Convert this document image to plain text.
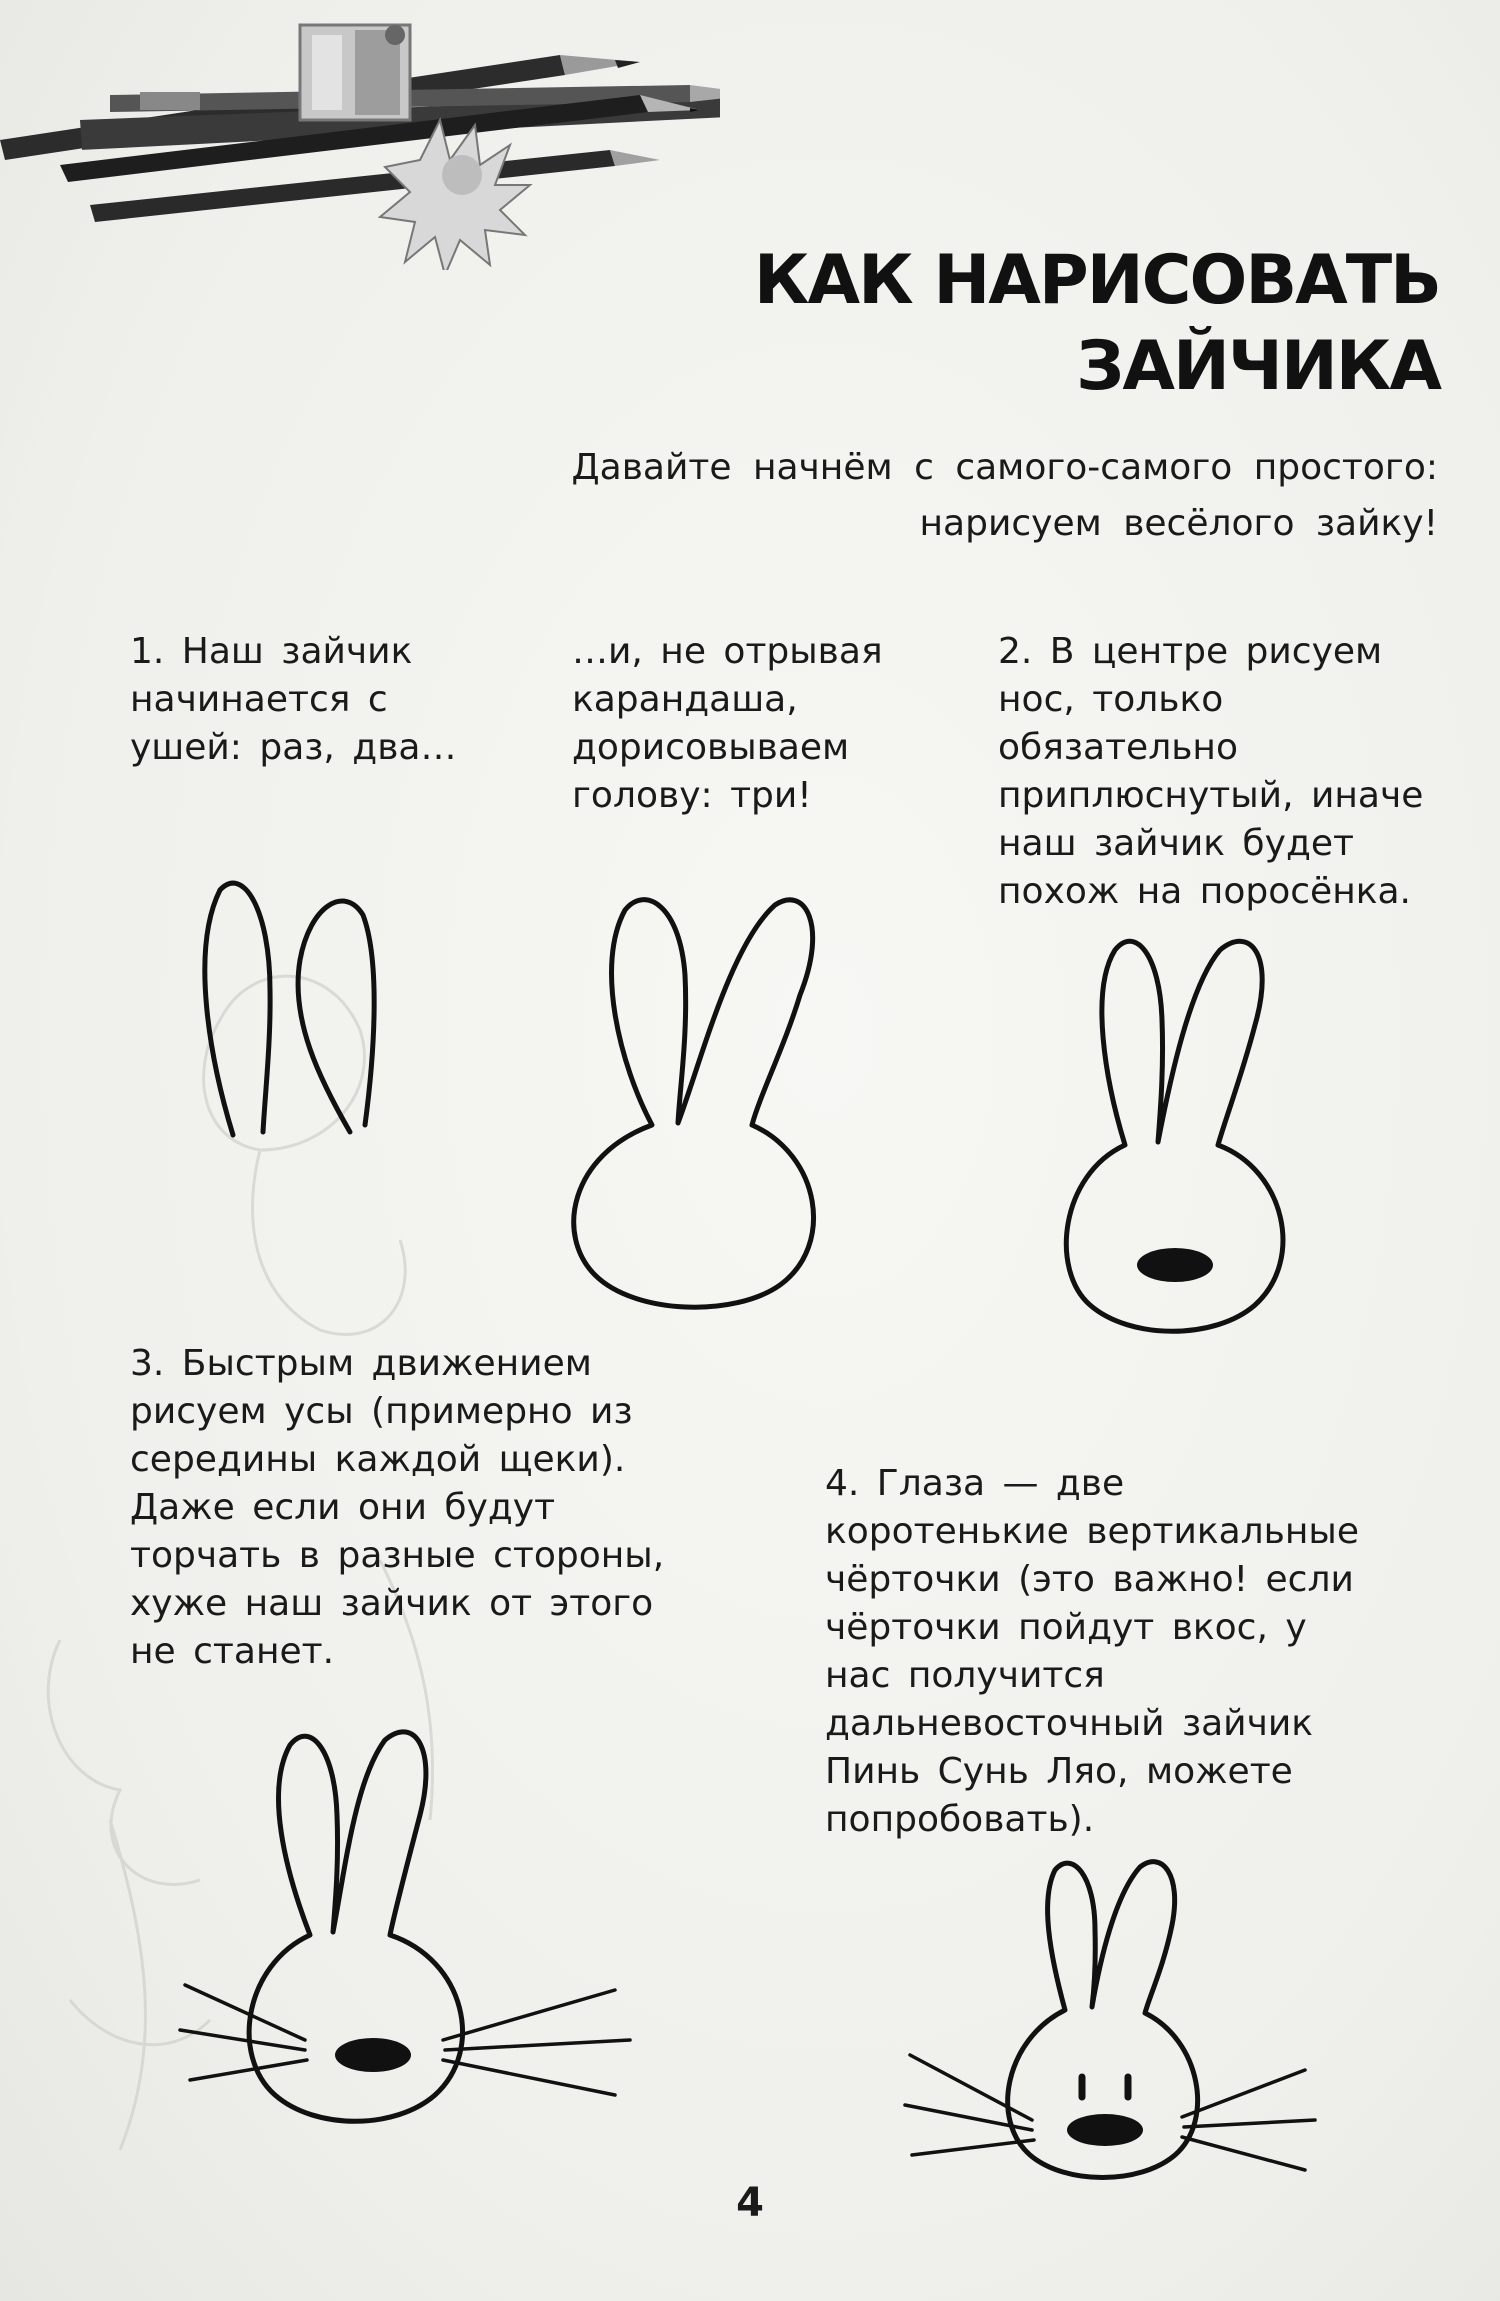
КАК НАРИСОВАТЬ
ЗАЙЧИКА
Давайте начнём с самого-самого простого:
нарисуем весёлого зайку!

1. Наш зайчик начинается с ушей: раз, два…

…и, не отрывая карандаша, дорисовываем голову: три!

2. В центре рисуем нос, только обязательно приплюснутый, иначе наш зайчик будет похож на поросёнка.

3. Быстрым движением рисуем усы (примерно из середины каждой щеки). Даже если они будут торчать в разные стороны, хуже наш зайчик от этого не станет.

4. Глаза — две коротенькие вертикальные чёрточки (это важно! если чёрточки пойдут вкос, у нас получится дальневосточный зайчик Пинь Сунь Ляо, можете попробовать).

4
